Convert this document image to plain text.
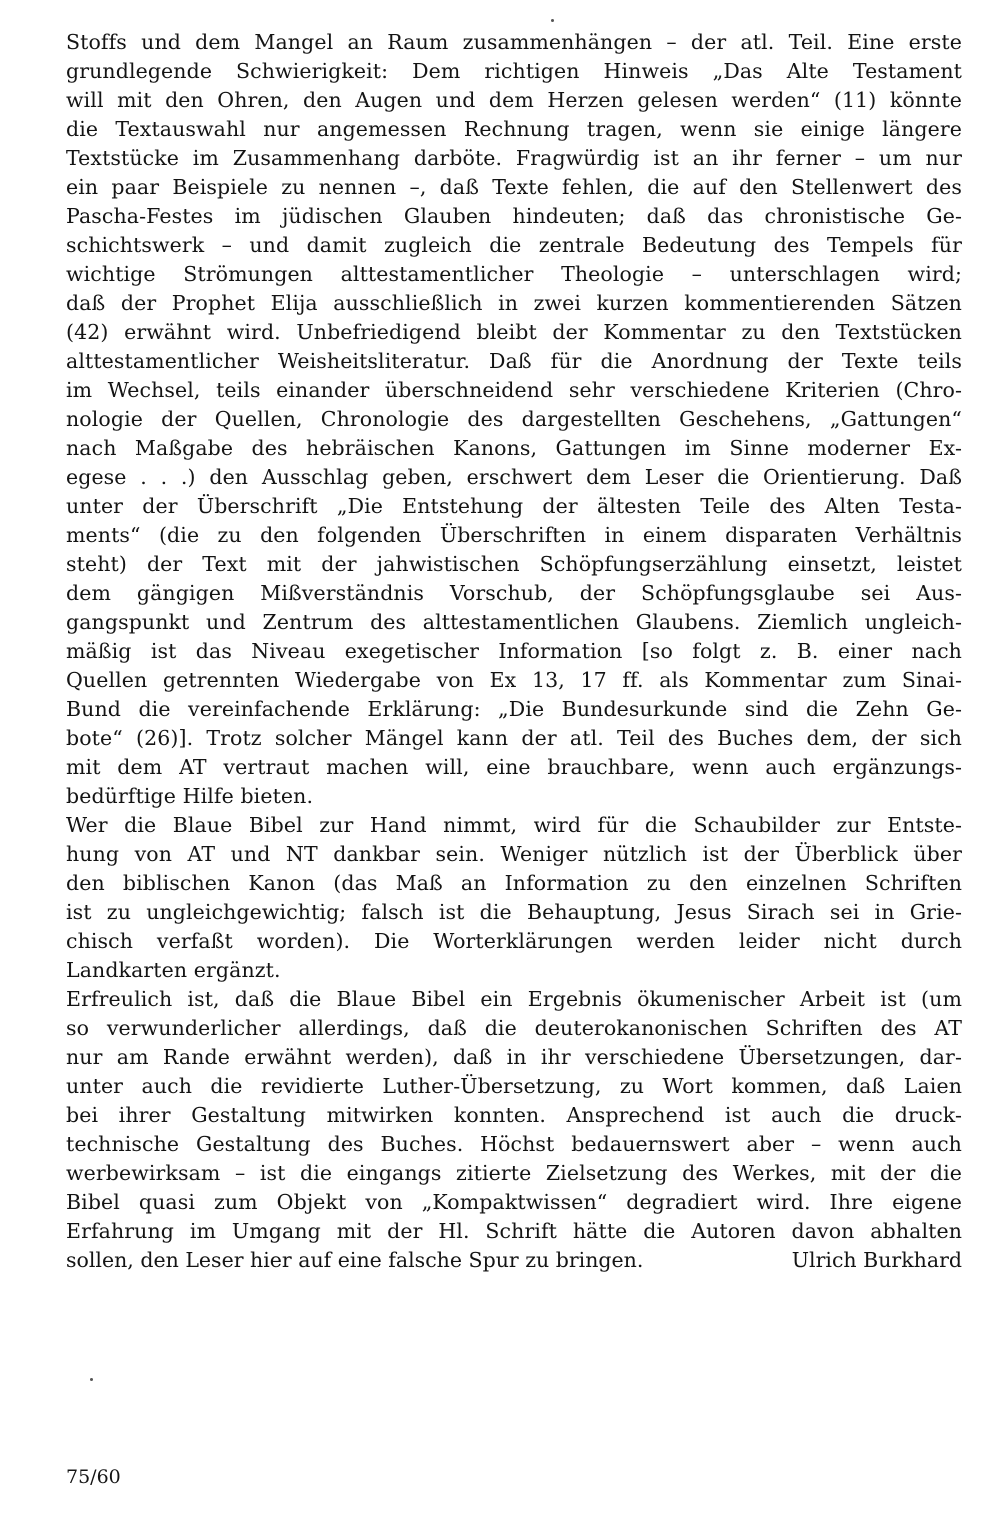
Stoffs und dem Mangel an Raum zusammenhängen – der atl. Teil. Eine erste
grundlegende Schwierigkeit: Dem richtigen Hinweis „Das Alte Testament
will mit den Ohren, den Augen und dem Herzen gelesen werden“ (11) könnte
die Textauswahl nur angemessen Rechnung tragen, wenn sie einige längere
Textstücke im Zusammenhang darböte. Fragwürdig ist an ihr ferner – um nur
ein paar Beispiele zu nennen –, daß Texte fehlen, die auf den Stellenwert des
Pascha-Festes im jüdischen Glauben hindeuten; daß das chronistische Ge-
schichtswerk – und damit zugleich die zentrale Bedeutung des Tempels für
wichtige Strömungen alttestamentlicher Theologie – unterschlagen wird;
daß der Prophet Elija ausschließlich in zwei kurzen kommentierenden Sätzen
(42) erwähnt wird. Unbefriedigend bleibt der Kommentar zu den Textstücken
alttestamentlicher Weisheitsliteratur. Daß für die Anordnung der Texte teils
im Wechsel, teils einander überschneidend sehr verschiedene Kriterien (Chro-
nologie der Quellen, Chronologie des dargestellten Geschehens, „Gattungen“
nach Maßgabe des hebräischen Kanons, Gattungen im Sinne moderner Ex-
egese . . .) den Ausschlag geben, erschwert dem Leser die Orientierung. Daß
unter der Überschrift „Die Entstehung der ältesten Teile des Alten Testa-
ments“ (die zu den folgenden Überschriften in einem disparaten Verhältnis
steht) der Text mit der jahwistischen Schöpfungserzählung einsetzt, leistet
dem gängigen Mißverständnis Vorschub, der Schöpfungsglaube sei Aus-
gangspunkt und Zentrum des alttestamentlichen Glaubens. Ziemlich ungleich-
mäßig ist das Niveau exegetischer Information [so folgt z. B. einer nach
Quellen getrennten Wiedergabe von Ex 13, 17 ff. als Kommentar zum Sinai-
Bund die vereinfachende Erklärung: „Die Bundesurkunde sind die Zehn Ge-
bote“ (26)]. Trotz solcher Mängel kann der atl. Teil des Buches dem, der sich
mit dem AT vertraut machen will, eine brauchbare, wenn auch ergänzungs-
bedürftige Hilfe bieten.
Wer die Blaue Bibel zur Hand nimmt, wird für die Schaubilder zur Entste-
hung von AT und NT dankbar sein. Weniger nützlich ist der Überblick über
den biblischen Kanon (das Maß an Information zu den einzelnen Schriften
ist zu ungleichgewichtig; falsch ist die Behauptung, Jesus Sirach sei in Grie-
chisch verfaßt worden). Die Worterklärungen werden leider nicht durch
Landkarten ergänzt.
Erfreulich ist, daß die Blaue Bibel ein Ergebnis ökumenischer Arbeit ist (um
so verwunderlicher allerdings, daß die deuterokanonischen Schriften des AT
nur am Rande erwähnt werden), daß in ihr verschiedene Übersetzungen, dar-
unter auch die revidierte Luther-Übersetzung, zu Wort kommen, daß Laien
bei ihrer Gestaltung mitwirken konnten. Ansprechend ist auch die druck-
technische Gestaltung des Buches. Höchst bedauernswert aber – wenn auch
werbewirksam – ist die eingangs zitierte Zielsetzung des Werkes, mit der die
Bibel quasi zum Objekt von „Kompaktwissen“ degradiert wird. Ihre eigene
Erfahrung im Umgang mit der Hl. Schrift hätte die Autoren davon abhalten
sollen, den Leser hier auf eine falsche Spur zu bringen.	Ulrich Burkhard
75/60
